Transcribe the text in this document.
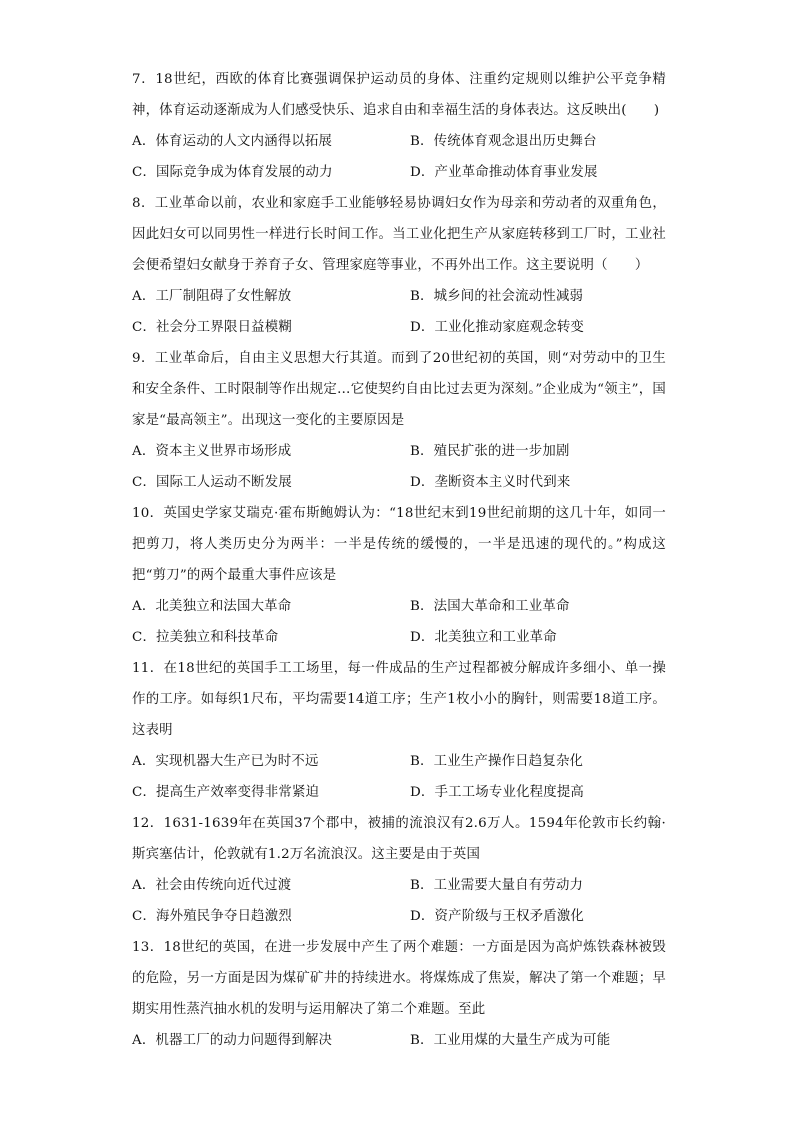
7．18世纪，西欧的体育比赛强调保护运动员的身体、注重约定规则以维护公平竞争精神，体育运动逐渐成为人们感受快乐、追求自由和幸福生活的身体表达。这反映出(　　)

A．体育运动的人文内涵得以拓展	B．传统体育观念退出历史舞台
C．国际竞争成为体育发展的动力	D．产业革命推动体育事业发展

8．工业革命以前，农业和家庭手工业能够轻易协调妇女作为母亲和劳动者的双重角色，因此妇女可以同男性一样进行长时间工作。当工业化把生产从家庭转移到工厂时，工业社会便希望妇女献身于养育子女、管理家庭等事业，不再外出工作。这主要说明（　　）

A．工厂制阻碍了女性解放	B．城乡间的社会流动性减弱
C．社会分工界限日益模糊	D．工业化推动家庭观念转变

9．工业革命后，自由主义思想大行其道。而到了20世纪初的英国，则“对劳动中的卫生和安全条件、工时限制等作出规定…它使契约自由比过去更为深刻。”企业成为“领主”，国家是“最高领主”。出现这一变化的主要原因是

A．资本主义世界市场形成	B．殖民扩张的进一步加剧
C．国际工人运动不断发展	D．垄断资本主义时代到来

10．英国史学家艾瑞克·霍布斯鲍姆认为：“18世纪末到19世纪前期的这几十年，如同一把剪刀，将人类历史分为两半：一半是传统的缓慢的，一半是迅速的现代的。”构成这把“剪刀”的两个最重大事件应该是

A．北美独立和法国大革命	B．法国大革命和工业革命
C．拉美独立和科技革命	D．北美独立和工业革命

11．在18世纪的英国手工工场里，每一件成品的生产过程都被分解成许多细小、单一操作的工序。如每织1尺布，平均需要14道工序；生产1枚小小的胸针，则需要18道工序。这表明

A．实现机器大生产已为时不远	B．工业生产操作日趋复杂化
C．提高生产效率变得非常紧迫	D．手工工场专业化程度提高

12．1631-1639年在英国37个郡中，被捕的流浪汉有2.6万人。1594年伦敦市长约翰·斯宾塞估计，伦敦就有1.2万名流浪汉。这主要是由于英国

A．社会由传统向近代过渡	B．工业需要大量自有劳动力
C．海外殖民争夺日趋激烈	D．资产阶级与王权矛盾激化

13．18世纪的英国，在进一步发展中产生了两个难题：一方面是因为高炉炼铁森林被毁的危险，另一方面是因为煤矿矿井的持续进水。将煤炼成了焦炭，解决了第一个难题；早期实用性蒸汽抽水机的发明与运用解决了第二个难题。至此

A．机器工厂的动力问题得到解决	B．工业用煤的大量生产成为可能
